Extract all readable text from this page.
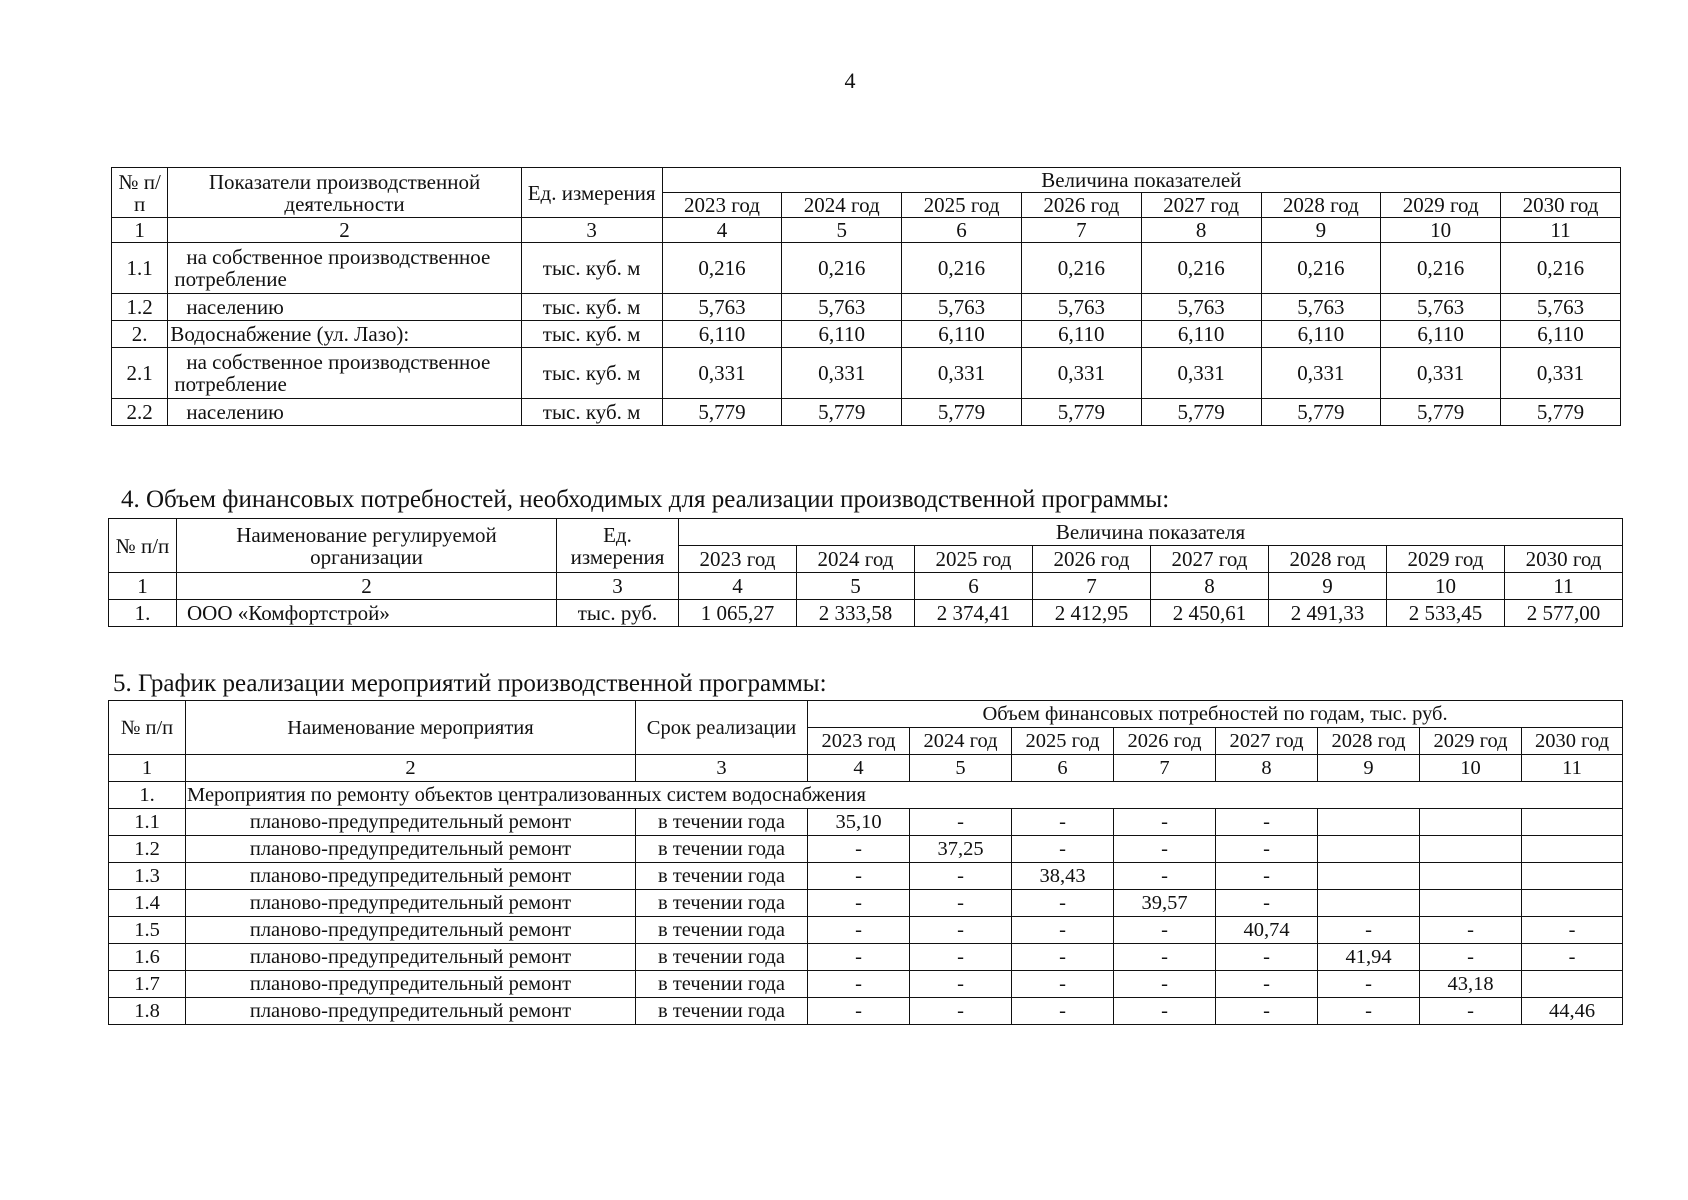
4
№ п/п	Показатели производственной деятельности	Ед. измерения	Величина показателей							
			2023 год	2024 год	2025 год	2026 год	2027 год	2028 год	2029 год	2030 год
1	2	3	4	5	6	7	8	9	10	11
1.1	на собственное производственное потребление	тыс. куб. м	0,216	0,216	0,216	0,216	0,216	0,216	0,216	0,216
1.2	населению	тыс. куб. м	5,763	5,763	5,763	5,763	5,763	5,763	5,763	5,763
2.	Водоснабжение (ул. Лазо):	тыс. куб. м	6,110	6,110	6,110	6,110	6,110	6,110	6,110	6,110
2.1	на собственное производственное потребление	тыс. куб. м	0,331	0,331	0,331	0,331	0,331	0,331	0,331	0,331
2.2	населению	тыс. куб. м	5,779	5,779	5,779	5,779	5,779	5,779	5,779	5,779
4. Объем финансовых потребностей, необходимых для реализации производственной программы:
№ п/п	Наименование регулируемой организации	Ед. измерения	Величина показателя							
			2023 год	2024 год	2025 год	2026 год	2027 год	2028 год	2029 год	2030 год
1	2	3	4	5	6	7	8	9	10	11
1.	ООО «Комфортстрой»	тыс. руб.	1 065,27	2 333,58	2 374,41	2 412,95	2 450,61	2 491,33	2 533,45	2 577,00
5. График реализации мероприятий производственной программы:
№ п/п	Наименование мероприятия	Срок реализации	Объем финансовых потребностей по годам, тыс. руб.							
			2023 год	2024 год	2025 год	2026 год	2027 год	2028 год	2029 год	2030 год
1	2	3	4	5	6	7	8	9	10	11
1.	Мероприятия по ремонту объектов централизованных систем водоснабжения									
1.1	планово-предупредительный ремонт	в течении года	35,10	-	-	-	-			
1.2	планово-предупредительный ремонт	в течении года	-	37,25	-	-	-			
1.3	планово-предупредительный ремонт	в течении года	-	-	38,43	-	-			
1.4	планово-предупредительный ремонт	в течении года	-	-	-	39,57	-			
1.5	планово-предупредительный ремонт	в течении года	-	-	-	-	40,74	-	-	-
1.6	планово-предупредительный ремонт	в течении года	-	-	-	-	-	41,94	-	-
1.7	планово-предупредительный ремонт	в течении года	-	-	-	-	-	-	43,18	
1.8	планово-предупредительный ремонт	в течении года	-	-	-	-	-	-	-	44,46
